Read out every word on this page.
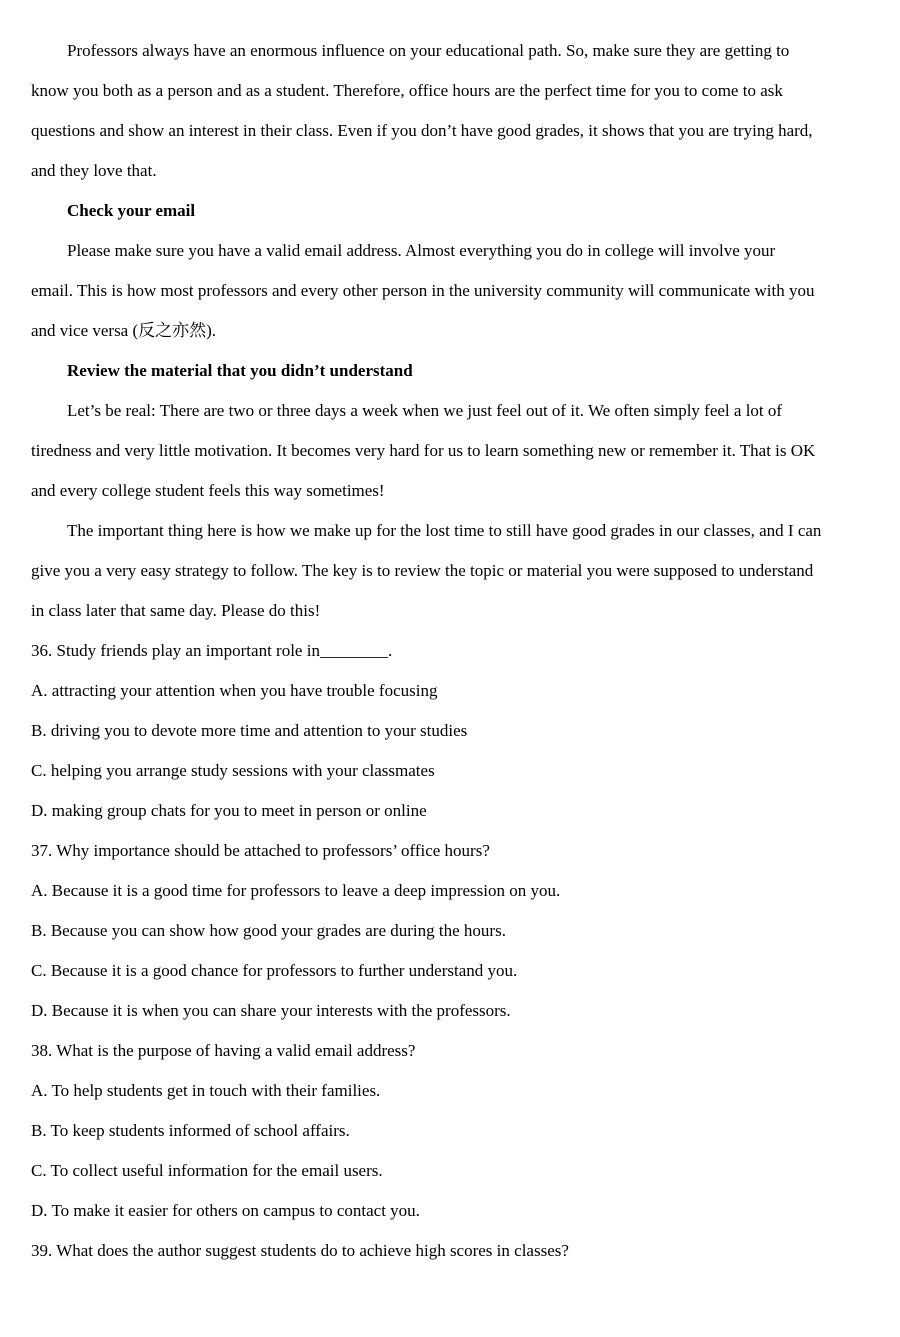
Professors always have an enormous influence on your educational path. So, make sure they are getting to

know you both as a person and as a student. Therefore, office hours are the perfect time for you to come to ask

questions and show an interest in their class. Even if you don’t have good grades, it shows that you are trying hard,

and they love that.

Check your email

Please make sure you have a valid email address. Almost everything you do in college will involve your

email. This is how most professors and every other person in the university community will communicate with you

and vice versa (反之亦然).

Review the material that you didn’t understand

Let’s be real: There are two or three days a week when we just feel out of it. We often simply feel a lot of

tiredness and very little motivation. It becomes very hard for us to learn something new or remember it. That is OK

and every college student feels this way sometimes!

The important thing here is how we make up for the lost time to still have good grades in our classes, and I can

give you a very easy strategy to follow. The key is to review the topic or material you were supposed to understand

in class later that same day. Please do this!

36. Study friends play an important role in________.

A. attracting your attention when you have trouble focusing

B. driving you to devote more time and attention to your studies

C. helping you arrange study sessions with your classmates

D. making group chats for you to meet in person or online

37. Why importance should be attached to professors’ office hours?

A. Because it is a good time for professors to leave a deep impression on you.

B. Because you can show how good your grades are during the hours.

C. Because it is a good chance for professors to further understand you.

D. Because it is when you can share your interests with the professors.

38. What is the purpose of having a valid email address?

A. To help students get in touch with their families.

B. To keep students informed of school affairs.

C. To collect useful information for the email users.

D. To make it easier for others on campus to contact you.

39. What does the author suggest students do to achieve high scores in classes?
